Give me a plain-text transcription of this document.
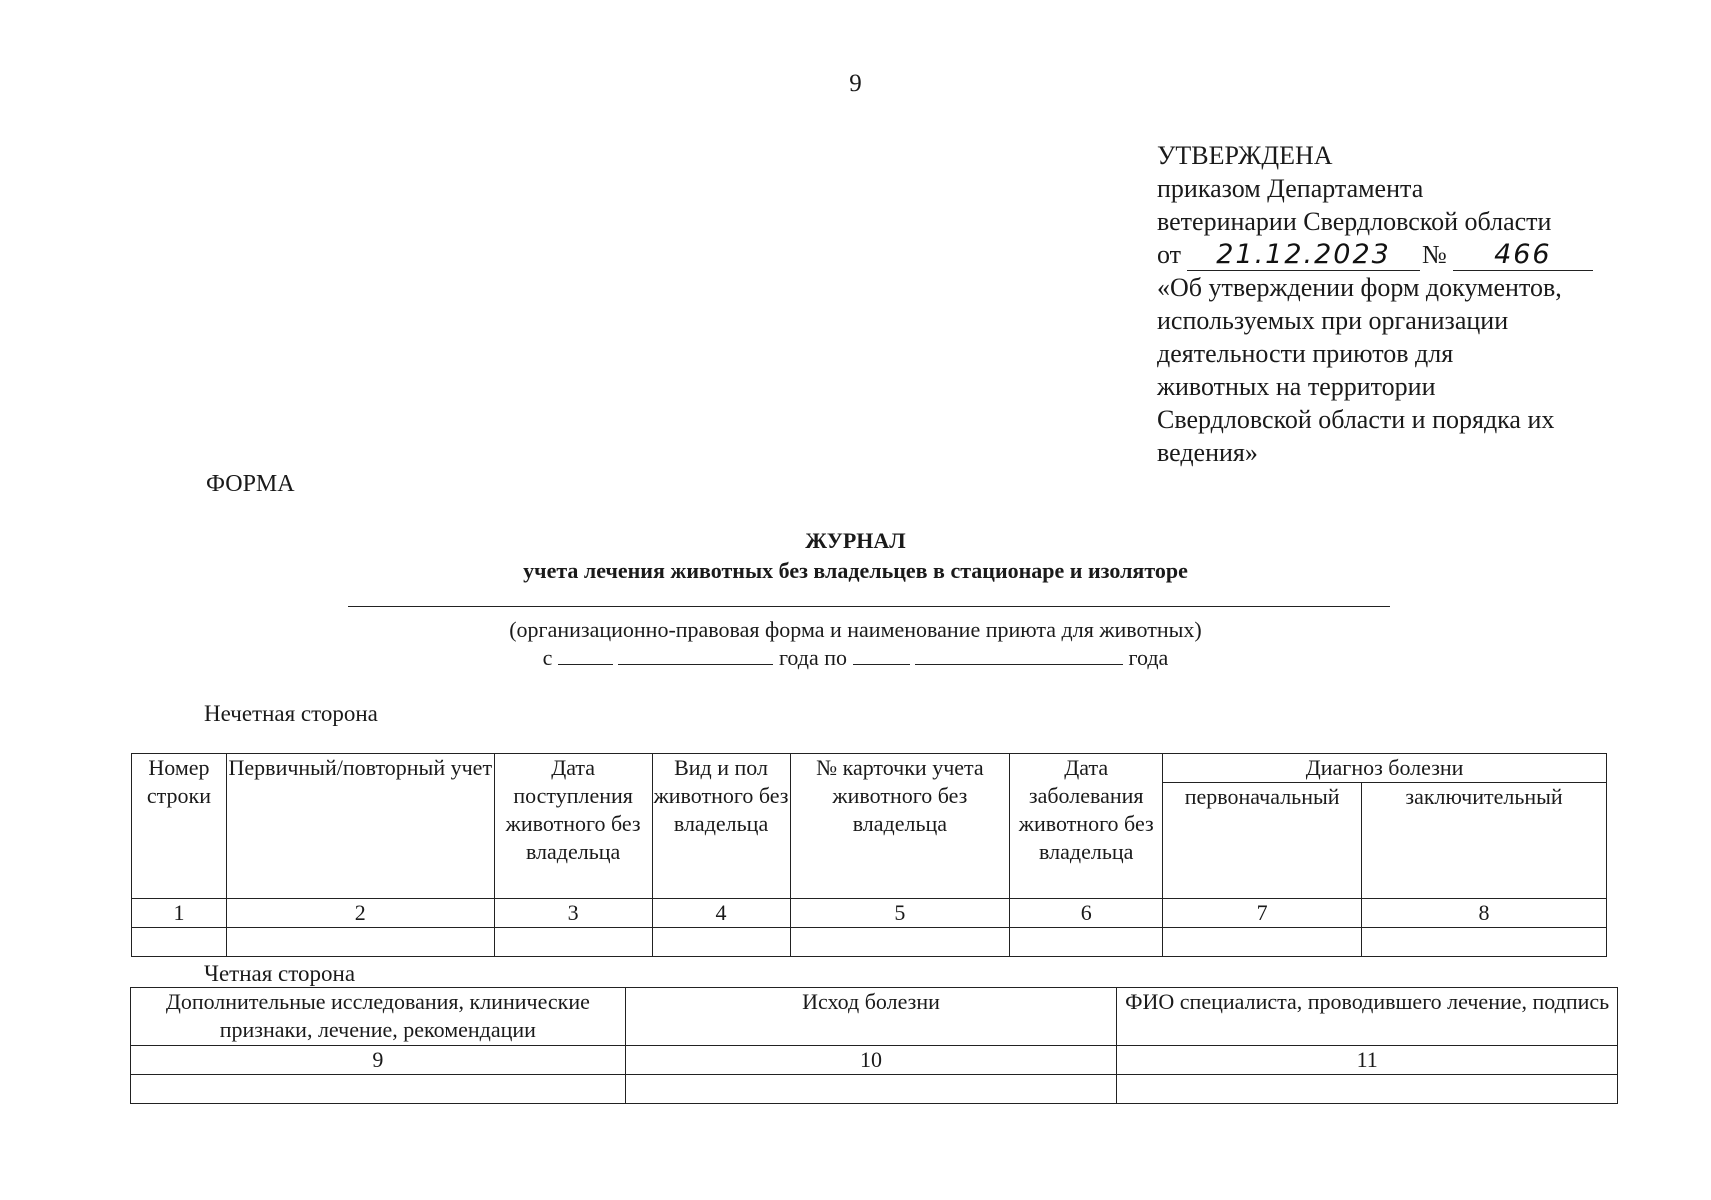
9
УТВЕРЖДЕНА
приказом Департамента
ветеринарии Свердловской области
от	21.12.2023	№	466
«Об утверждении форм документов,
используемых при организации
деятельности приютов для
животных на территории
Свердловской области и порядка их
ведения»
ФОРМА
ЖУРНАЛ
учета лечения животных без владельцев в стационаре и изоляторе
(организационно-правовая форма и наименование приюта для животных)
с	года по	года
Нечетная сторона
Номер строки	Первичный/повторный учет	Дата поступления животного без владельца	Вид и пол животного без владельца	№ карточки учета животного без владельца	Дата заболевания животного без владельца	Диагноз болезни	
						первоначальный	заключительный
1	2	3	4	5	6	7	8

Четная сторона
Дополнительные исследования, клинические признаки, лечение, рекомендации	Исход болезни	ФИО специалиста, проводившего лечение, подпись
9	10	11
